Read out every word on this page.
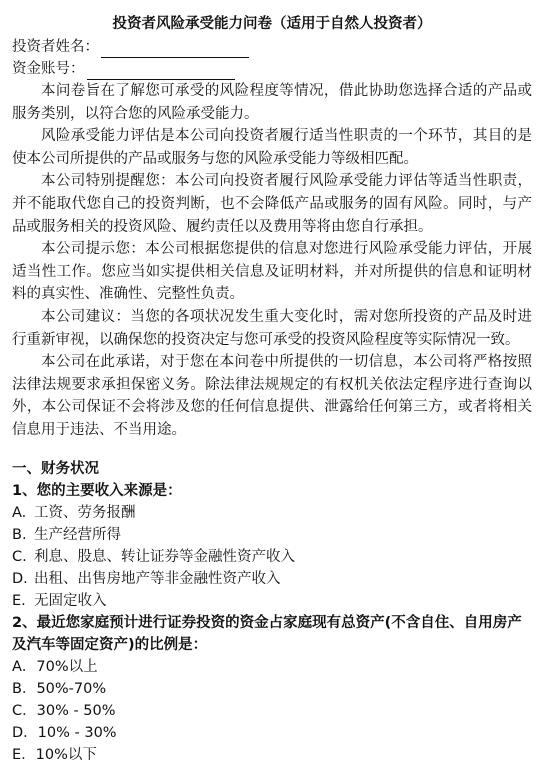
投资者风险承受能力问卷（适用于自然人投资者）
投资者姓名：
资金账号：

本问卷旨在了解您可承受的风险程度等情况，借此协助您选择合适的产品或服务类别，以符合您的风险承受能力。

风险承受能力评估是本公司向投资者履行适当性职责的一个环节，其目的是使本公司所提供的产品或服务与您的风险承受能力等级相匹配。

本公司特别提醒您：本公司向投资者履行风险承受能力评估等适当性职责，并不能取代您自己的投资判断，也不会降低产品或服务的固有风险。同时，与产品或服务相关的投资风险、履约责任以及费用等将由您自行承担。

本公司提示您：本公司根据您提供的信息对您进行风险承受能力评估，开展适当性工作。您应当如实提供相关信息及证明材料，并对所提供的信息和证明材料的真实性、准确性、完整性负责。

本公司建议：当您的各项状况发生重大变化时，需对您所投资的产品及时进行重新审视，以确保您的投资决定与您可承受的投资风险程度等实际情况一致。

本公司在此承诺，对于您在本问卷中所提供的一切信息，本公司将严格按照法律法规要求承担保密义务。除法律法规规定的有权机关依法定程序进行查询以外，本公司保证不会将涉及您的任何信息提供、泄露给任何第三方，或者将相关信息用于违法、不当用途。

一、财务状况

1、您的主要收入来源是：

A. 工资、劳务报酬
B. 生产经营所得
C. 利息、股息、转让证券等金融性资产收入
D. 出租、出售房地产等非金融性资产收入
E. 无固定收入

2、最近您家庭预计进行证券投资的资金占家庭现有总资产(不含自住、自用房产及汽车等固定资产)的比例是：

A． 70%以上
B． 50%-70%
C． 30% - 50%
D． 10% - 30%
E． 10%以下
